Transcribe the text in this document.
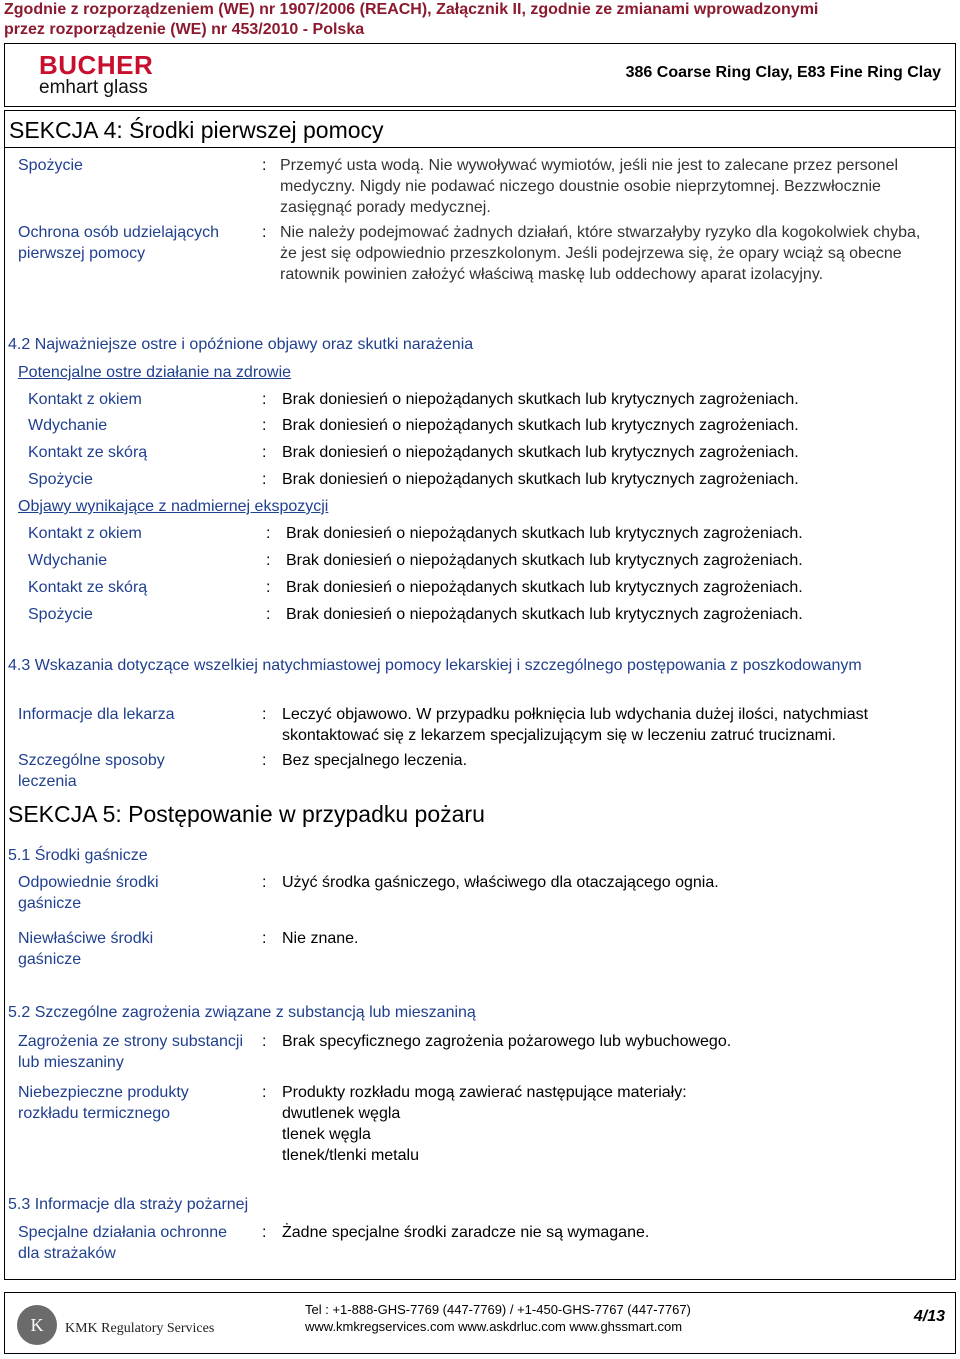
Zgodnie z rozporządzeniem (WE) nr 1907/2006 (REACH), Załącznik II, zgodnie ze zmianami wprowadzonymi
przez rozporządzenie (WE) nr 453/2010 - Polska
BUCHER
emhart glass
386 Coarse Ring Clay, E83 Fine Ring Clay
SEKCJA 4: Środki pierwszej pomocy
Spożycie	: Przemyć usta wodą. Nie wywoływać wymiotów, jeśli nie jest to zalecane przez personel medyczny. Nigdy nie podawać niczego doustnie osobie nieprzytomnej. Bezzwłocznie zasięgnąć porady medycznej.
Ochrona osób udzielających pierwszej pomocy
: Nie należy podejmować żadnych działań, które stwarzałyby ryzyko dla kogokolwiek chyba, że jest się odpowiednio przeszkolonym. Jeśli podejrzewa się, że opary wciąż są obecne ratownik powinien założyć właściwą maskę lub oddechowy aparat izolacyjny.
4.2 Najważniejsze ostre i opóźnione objawy oraz skutki narażenia
Potencjalne ostre działanie na zdrowie
Kontakt z okiem	: Brak doniesień o niepożądanych skutkach lub krytycznych zagrożeniach.
Wdychanie	: Brak doniesień o niepożądanych skutkach lub krytycznych zagrożeniach.
Kontakt ze skórą	: Brak doniesień o niepożądanych skutkach lub krytycznych zagrożeniach.
Spożycie	: Brak doniesień o niepożądanych skutkach lub krytycznych zagrożeniach.
Objawy wynikające z nadmiernej ekspozycji
Kontakt z okiem	: Brak doniesień o niepożądanych skutkach lub krytycznych zagrożeniach.
Wdychanie	: Brak doniesień o niepożądanych skutkach lub krytycznych zagrożeniach.
Kontakt ze skórą	: Brak doniesień o niepożądanych skutkach lub krytycznych zagrożeniach.
Spożycie	: Brak doniesień o niepożądanych skutkach lub krytycznych zagrożeniach.
4.3 Wskazania dotyczące wszelkiej natychmiastowej pomocy lekarskiej i szczególnego postępowania z poszkodowanym
Informacje dla lekarza	: Leczyć objawowo. W przypadku połknięcia lub wdychania dużej ilości, natychmiast skontaktować się z lekarzem specjalizującym się w leczeniu zatruć truciznami.
Szczególne sposoby leczenia
: Bez specjalnego leczenia.
SEKCJA 5: Postępowanie w przypadku pożaru
5.1 Środki gaśnicze
Odpowiednie środki gaśnicze
: Użyć środka gaśniczego, właściwego dla otaczającego ognia.
Niewłaściwe środki gaśnicze
: Nie znane.
5.2 Szczególne zagrożenia związane z substancją lub mieszaniną
Zagrożenia ze strony substancji lub mieszaniny
: Brak specyficznego zagrożenia pożarowego lub wybuchowego.
Niebezpieczne produkty rozkładu termicznego
: Produkty rozkładu mogą zawierać następujące materiały:
dwutlenek węgla
tlenek węgla
tlenek/tlenki metalu
5.3 Informacje dla straży pożarnej
Specjalne działania ochronne dla strażaków
: Żadne specjalne środki zaradcze nie są wymagane.
K	KMK Regulatory Services
Tel : +1-888-GHS-7769 (447-7769) / +1-450-GHS-7767 (447-7767)
www.kmkregservices.com www.askdrluc.com www.ghssmart.com
4/13
